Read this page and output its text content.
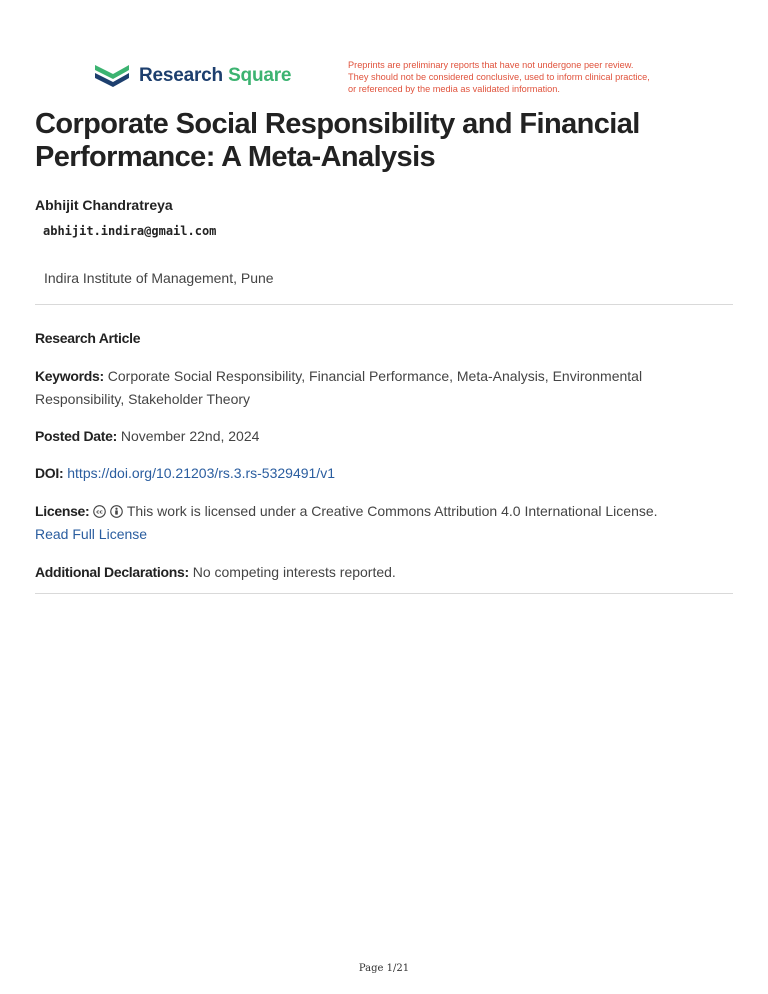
Research Square	Preprints are preliminary reports that have not undergone peer review.
They should not be considered conclusive, used to inform clinical practice,
or referenced by the media as validated information.
Corporate Social Responsibility and Financial
Performance: A Meta-Analysis
Abhijit Chandratreya
abhijit.indira@gmail.com
Indira Institute of Management, Pune
Research Article
Keywords: Corporate Social Responsibility, Financial Performance, Meta-Analysis, Environmental
Responsibility, Stakeholder Theory
Posted Date: November 22nd, 2024
DOI: https://doi.org/10.21203/rs.3.rs-5329491/v1
License: cc This work is licensed under a Creative Commons Attribution 4.0 International License.
Read Full License
Additional Declarations: No competing interests reported.
Page 1/21
